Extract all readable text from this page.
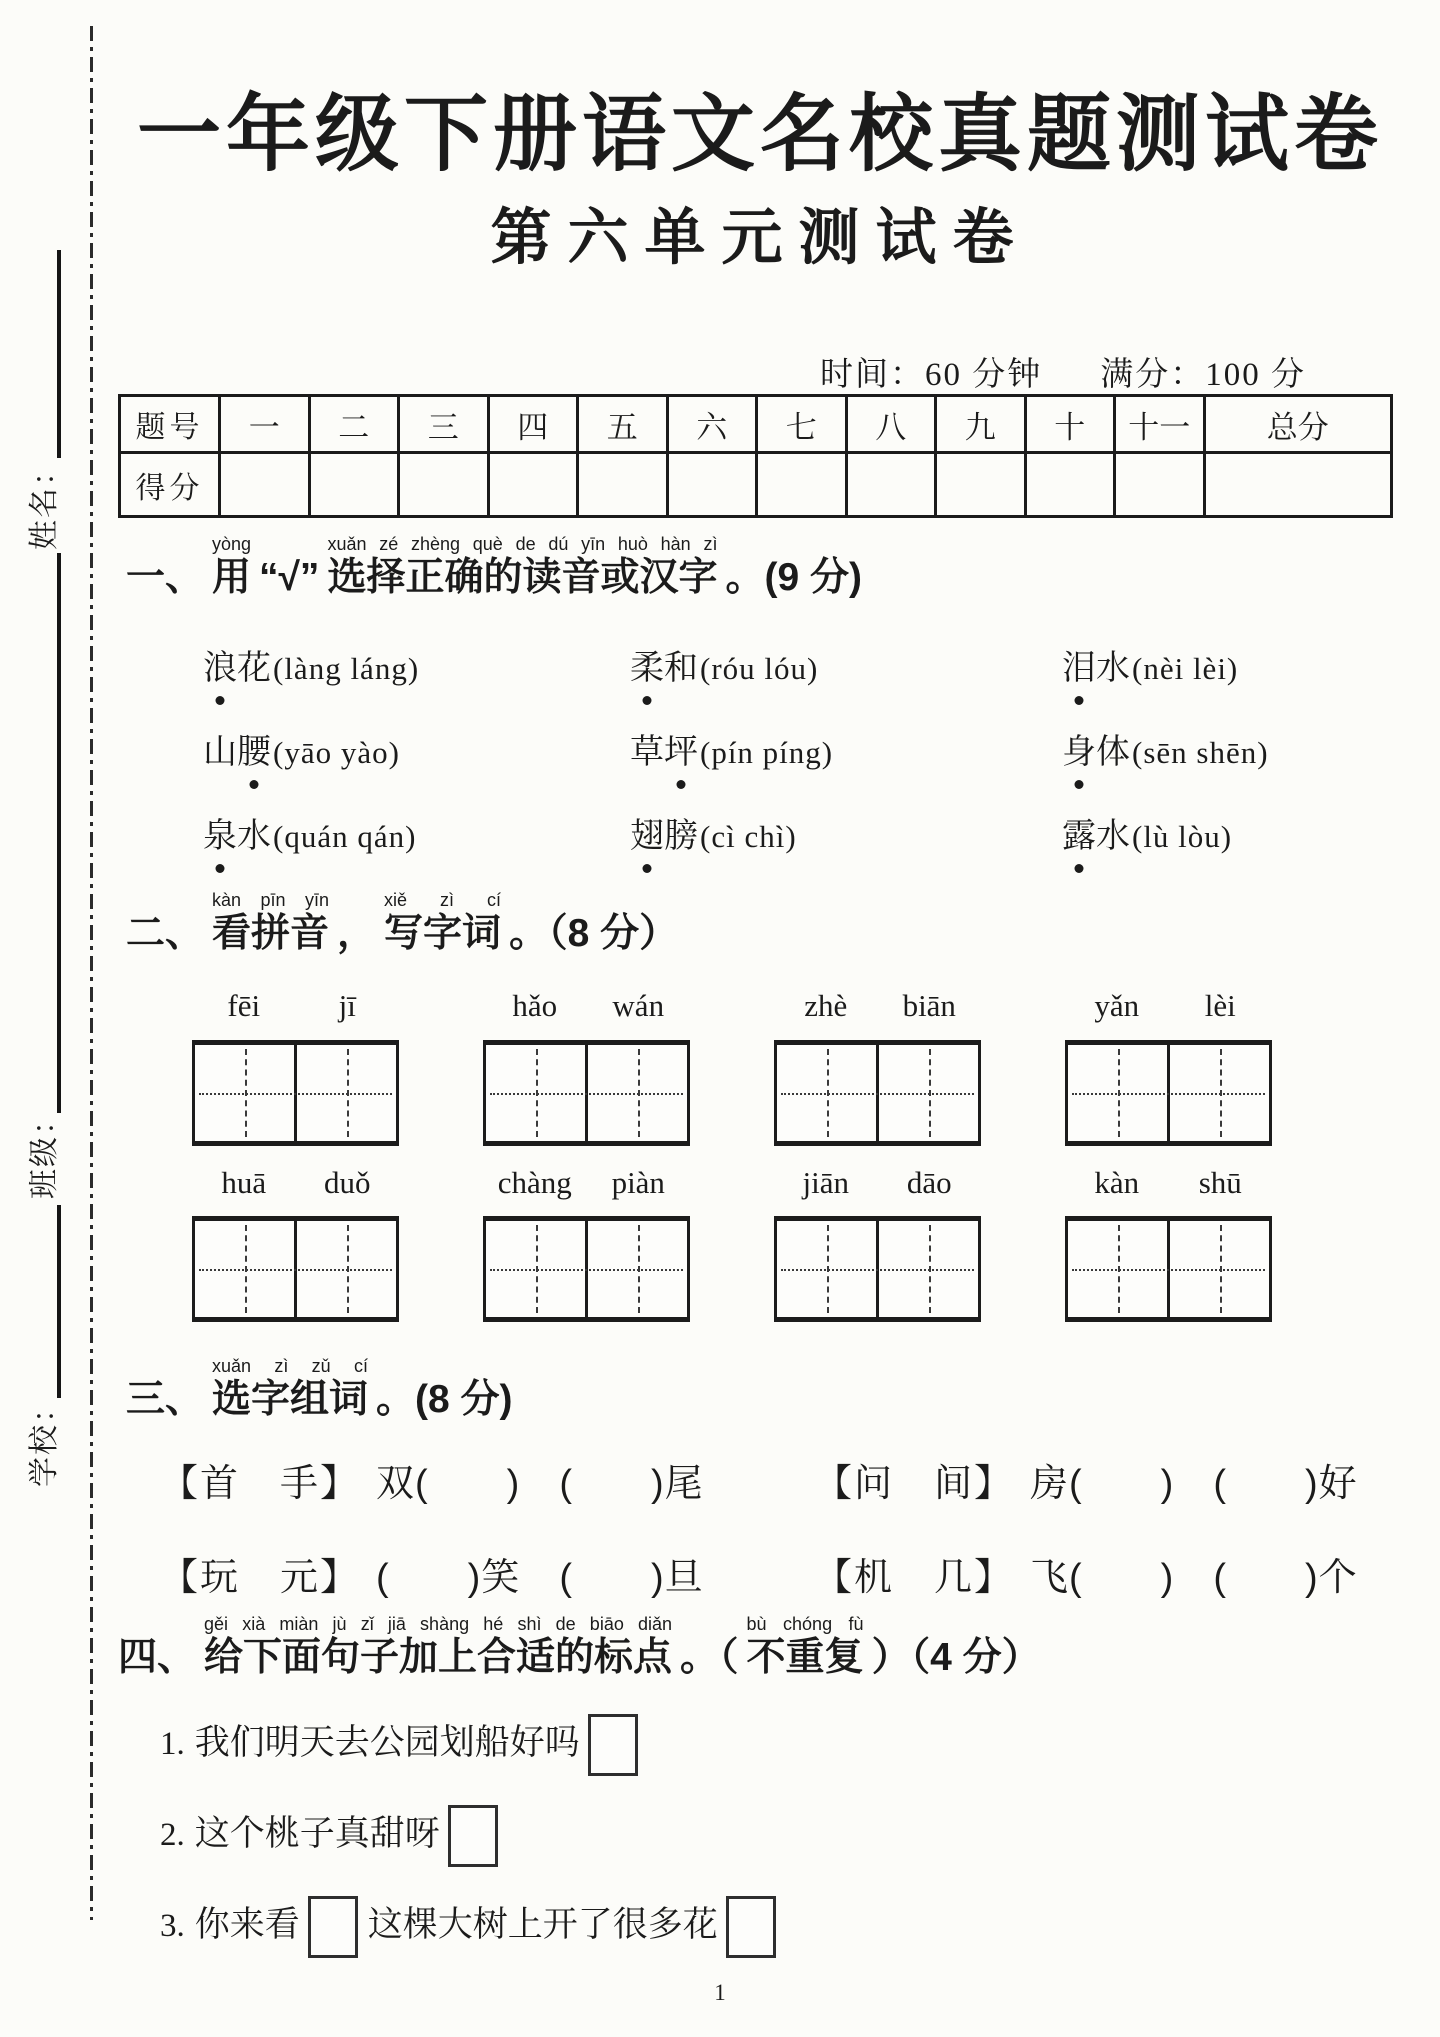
姓名：
班级：
学校：
一年级下册语文名校真题测试卷
第六单元测试卷
时间：60 分钟 满分：100 分
题号	一	二	三	四	五	六	七	八	九	十	十一	总分
得分												
一、
yòng
用 “√”
xuǎn zé zhèng què de dú yīn huò hàn zì
选择正确的读音或汉字 。(9 分)
浪花(làng láng)	柔和(róu lóu)	泪水(nèi lèi)
山腰(yāo yào)	草坪(pín píng)	身体(sēn shēn)
泉水(quán qán)	翅膀(cì chì)	露水(lù lòu)
二、
kàn pīn yīn
看拼音 ，
xiě zì cí
写字词 。（8 分）
fēi	jī	hǎo	wán	zhè	biān	yǎn	lèi
huā	duǒ	chàng	piàn	jiān	dāo	kàn	shū
三、
xuǎn zì zǔ cí
选字组词 。(8 分)
【首　手】 双(　　)　(　　)尾	【问　间】 房(　　)　(　　)好
【玩　元】 (　　)笑　(　　)旦	【机　几】 飞(　　)　(　　)个
四、
gěi xià miàn jù zǐ jiā shàng hé shì de biāo diǎn
给下面句子加上合适的标点 。（
bù chóng fù
不重复 ）（4 分）
1. 我们明天去公园划船好吗
2. 这个桃子真甜呀
3. 你来看 这棵大树上开了很多花
1
